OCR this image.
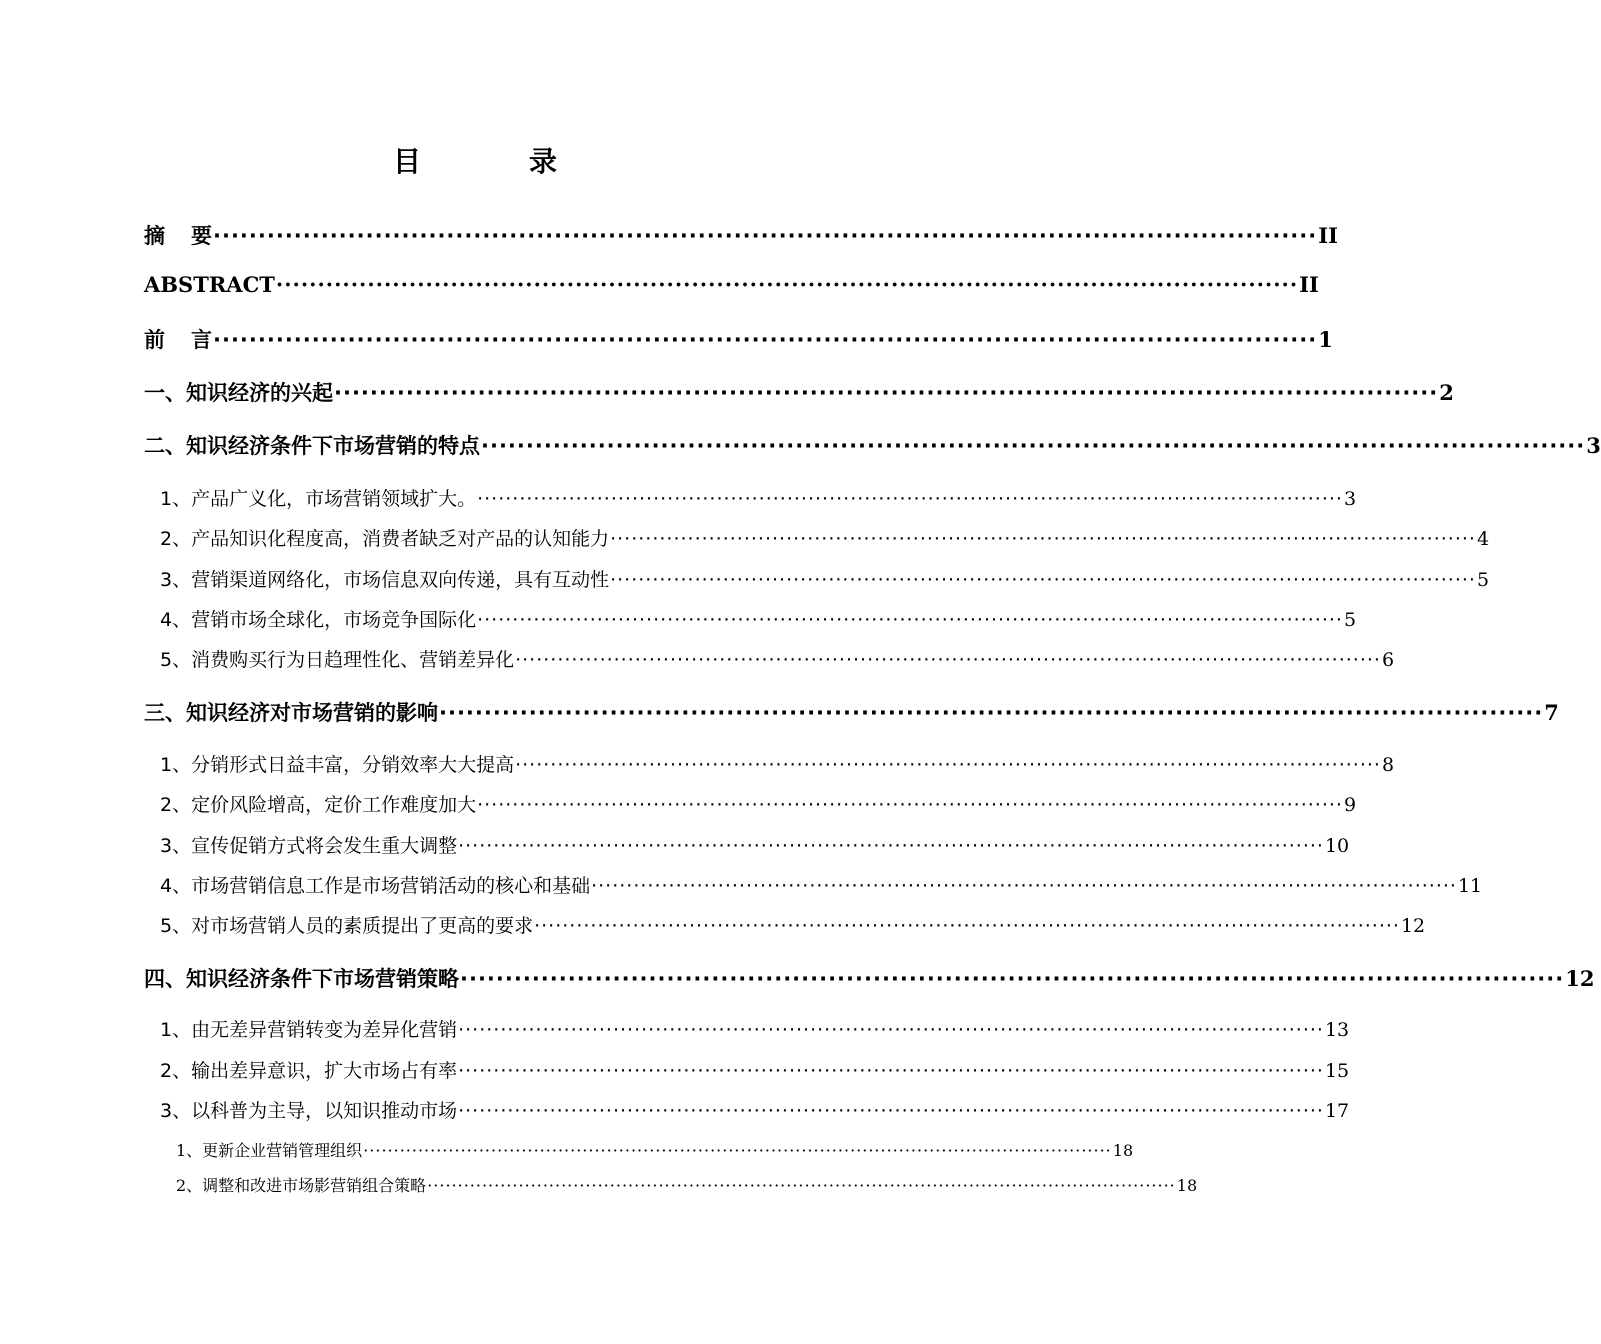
目　录
摘要 ··························································································································· II
ABSTRACT ··························································································································· II
前言 ··························································································································· 1
一、知识经济的兴起 ··························································································································· 2
二、知识经济条件下市场营销的特点 ··························································································································· 3
1、产品广义化，市场营销领域扩大。 ··························································································································· 3
2、产品知识化程度高，消费者缺乏对产品的认知能力 ··························································································································· 4
3、营销渠道网络化，市场信息双向传递，具有互动性 ··························································································································· 5
4、营销市场全球化，市场竞争国际化 ··························································································································· 5
5、消费购买行为日趋理性化、营销差异化 ··························································································································· 6
三、知识经济对市场营销的影响 ··························································································································· 7
1、分销形式日益丰富，分销效率大大提高 ··························································································································· 8
2、定价风险增高，定价工作难度加大 ··························································································································· 9
3、宣传促销方式将会发生重大调整 ··························································································································· 10
4、市场营销信息工作是市场营销活动的核心和基础 ··························································································································· 11
5、对市场营销人员的素质提出了更高的要求 ··························································································································· 12
四、知识经济条件下市场营销策略 ··························································································································· 12
1、由无差异营销转变为差异化营销 ··························································································································· 13
2、输出差异意识，扩大市场占有率 ··························································································································· 15
3、以科普为主导，以知识推动市场 ··························································································································· 17
1、更新企业营销管理组织 ··························································································································· 18
2、调整和改进市场影营销组合策略 ··························································································································· 18
